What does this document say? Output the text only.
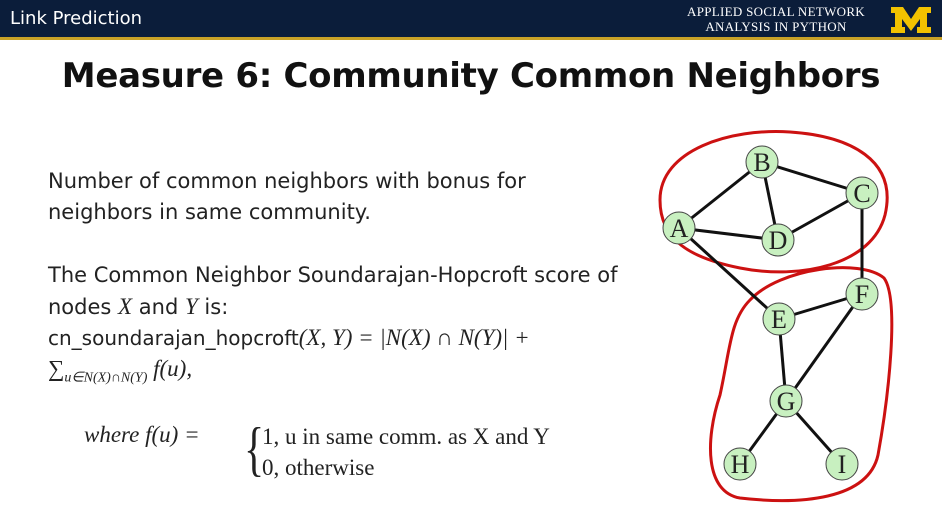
Link Prediction	APPLIED SOCIAL NETWORK
ANALYSIS IN PYTHON
Measure 6: Community Common Neighbors
Number of common neighbors with bonus for neighbors in same community.
The Common Neighbor Soundarajan-Hopcroft score of nodes X and Y is:
cn_soundarajan_hopcroft(X, Y) = |N(X) ∩ N(Y)| +
$\sum_{u\in N(X)\cap N(Y)}$ f(u),
where f(u) = {
1, u in same comm. as X and Y
0, otherwise
A
B
C
D
E
F
G
H	I
